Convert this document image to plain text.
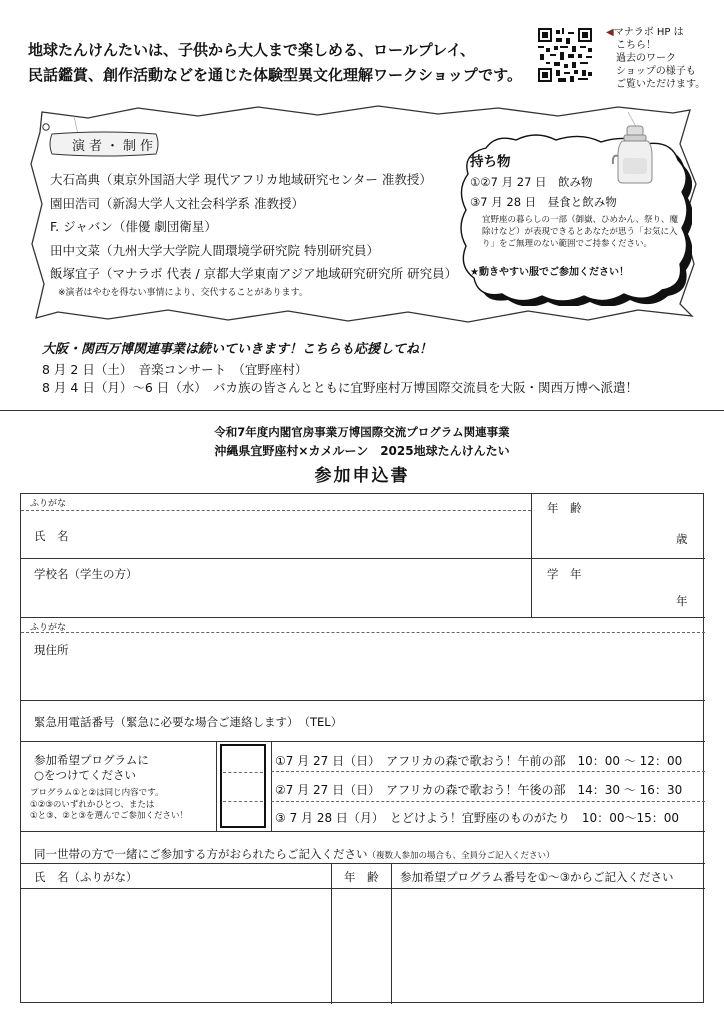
地球たんけんたいは、子供から大人まで楽しめる、ロールプレイ、
民話鑑賞、創作活動などを通じた体験型異文化理解ワークショップです。
◀マナラボ HP は
こちら！
過去のワーク
ショップの様子も
ご覧いただけます。
演者・制作
大石高典（東京外国語大学 現代アフリカ地域研究センター 准教授）
園田浩司（新潟大学人文社会科学系 准教授）
F. ジャバン（俳優 劇団衛星）
田中文菜（九州大学大学院人間環境学研究院 特別研究員）
飯塚宜子（マナラボ 代表 / 京都大学東南アジア地域研究研究所 研究員）
※演者はやむを得ない事情により、交代することがあります。
持ち物
①②7 月 27 日　飲み物
③7 月 28 日　昼食と飲み物
宜野座の暮らしの一部（御嶽、ひめかん、祭り、魔除けなど）が表現できるとあなたが思う「お気に入り」をご無理のない範囲でご持参ください。
★動きやすい服でご参加ください！
大阪・関西万博関連事業は続いていきます！こちらも応援してね！
8 月 2 日（土）　音楽コンサート　（宜野座村）
8 月 4 日（月）～6 日（水）　バカ族の皆さんとともに宜野座村万博国際交流員を大阪・関西万博へ派遣！
令和7年度内閣官房事業万博国際交流プログラム関連事業
沖縄県宜野座村×カメルーン　2025地球たんけんたい
参加申込書
ふりがな
氏　名
年　齢
歳
学校名（学生の方）	学　年
年
ふりがな
現住所
緊急用電話番号（緊急に必要な場合ご連絡します）　（TEL）
参加希望プログラムに
○をつけてください
プログラム①と②は同じ内容です。
①②③のいずれかひとつ、または
①と③、②と③を選んでご参加ください！
①7 月 27 日（日）　アフリカの森で歌おう！午前の部　10：00 ～ 12：00
②7 月 27 日（日）　アフリカの森で歌おう！午後の部　14：30 ～ 16：30
③ 7 月 28 日（月）　とどけよう！宜野座のものがたり　10：00～15：00
同一世帯の方で一緒にご参加する方がおられたらご記入ください（複数人参加の場合も、全員分ご記入ください）
氏　名（ふりがな）	年　齢 参加希望プログラム番号を①～③からご記入ください
